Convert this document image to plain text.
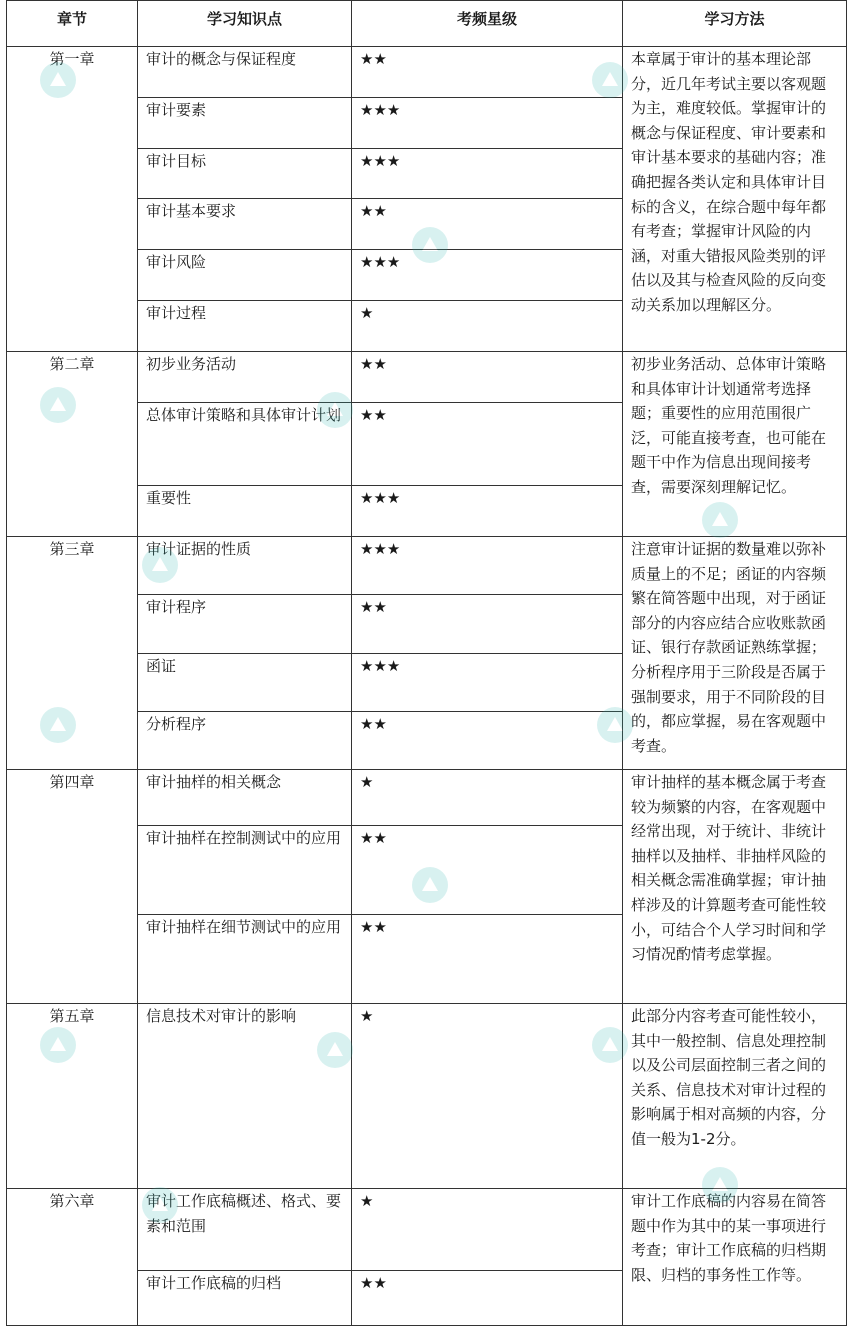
章节	学习知识点	考频星级	学习方法
第一章	审计的概念与保证程度	★★	本章属于审计的基本理论部分，近几年考试主要以客观题为主，难度较低。掌握审计的概念与保证程度、审计要素和审计基本要求的基础内容；准确把握各类认定和具体审计目标的含义，在综合题中每年都有考查；掌握审计风险的内涵，对重大错报风险类别的评估以及其与检查风险的反向变动关系加以理解区分。
	审计要素	★★★	
	审计目标	★★★	
	审计基本要求	★★	
	审计风险	★★★	
	审计过程	★	
第二章	初步业务活动	★★	初步业务活动、总体审计策略和具体审计计划通常考选择题；重要性的应用范围很广泛，可能直接考查，也可能在题干中作为信息出现间接考查，需要深刻理解记忆。
	总体审计策略和具体审计计划	★★	
	重要性	★★★	
第三章	审计证据的性质	★★★	注意审计证据的数量难以弥补质量上的不足；函证的内容频繁在简答题中出现，对于函证部分的内容应结合应收账款函证、银行存款函证熟练掌握；分析程序用于三阶段是否属于强制要求，用于不同阶段的目的，都应掌握，易在客观题中考查。
	审计程序	★★	
	函证	★★★	
	分析程序	★★	
第四章	审计抽样的相关概念	★	审计抽样的基本概念属于考查较为频繁的内容，在客观题中经常出现，对于统计、非统计抽样以及抽样、非抽样风险的相关概念需准确掌握；审计抽样涉及的计算题考查可能性较小，可结合个人学习时间和学习情况酌情考虑掌握。
	审计抽样在控制测试中的应用	★★	
	审计抽样在细节测试中的应用	★★	
第五章	信息技术对审计的影响	★	此部分内容考查可能性较小，其中一般控制、信息处理控制以及公司层面控制三者之间的关系、信息技术对审计过程的影响属于相对高频的内容，分值一般为1-2分。
第六章	审计工作底稿概述、格式、要素和范围	★	审计工作底稿的内容易在简答题中作为其中的某一事项进行考查；审计工作底稿的归档期限、归档的事务性工作等。
	审计工作底稿的归档	★★	
